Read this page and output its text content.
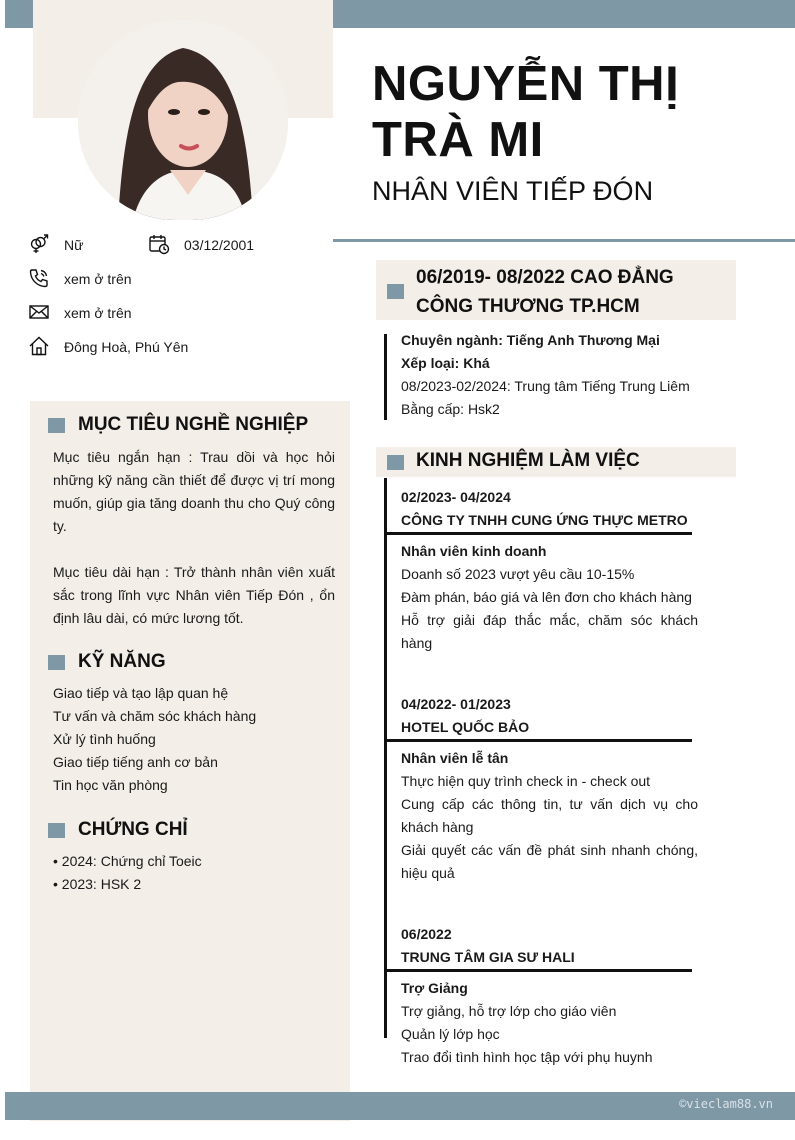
©vieclam88.vn
NGUYỄN THỊ TRÀ MI
NHÂN VIÊN TIẾP ĐÓN
Nữ	03/12/2001
xem ở trên
xem ở trên
Đông Hoà, Phú Yên
MỤC TIÊU NGHỀ NGHIỆP
Mục tiêu ngắn hạn : Trau dồi và học hỏi những kỹ năng cần thiết để được vị trí mong muốn, giúp gia tăng doanh thu cho Quý công ty.
Mục tiêu dài hạn : Trở thành nhân viên xuất sắc trong lĩnh vực Nhân viên Tiếp Đón , ổn định lâu dài, có mức lương tốt.
KỸ NĂNG
Giao tiếp và tạo lập quan hệ
Tư vấn và chăm sóc khách hàng
Xử lý tình huống
Giao tiếp tiếng anh cơ bản
Tin học văn phòng
CHỨNG CHỈ
• 2024: Chứng chỉ Toeic
• 2023: HSK 2
06/2019- 08/2022 CAO ĐẲNG
CÔNG THƯƠNG TP.HCM
Chuyên ngành: Tiếng Anh Thương Mại
Xếp loại: Khá
08/2023-02/2024: Trung tâm Tiếng Trung Liêm
Bằng cấp: Hsk2
KINH NGHIỆM LÀM VIỆC
02/2023- 04/2024
CÔNG TY TNHH CUNG ỨNG THỰC METRO
Nhân viên kinh doanh
Doanh số 2023 vượt yêu cầu 10-15%
Đàm phán, báo giá và lên đơn cho khách hàng
Hỗ trợ giải đáp thắc mắc, chăm sóc khách hàng
04/2022- 01/2023
HOTEL QUỐC BẢO
Nhân viên lễ tân
Thực hiện quy trình check in - check out
Cung cấp các thông tin, tư vấn dịch vụ cho khách hàng
Giải quyết các vấn đề phát sinh nhanh chóng, hiệu quả
06/2022
TRUNG TÂM GIA SƯ HALI
Trợ Giảng
Trợ giảng, hỗ trợ lớp cho giáo viên
Quản lý lớp học
Trao đổi tình hình học tập với phụ huynh
